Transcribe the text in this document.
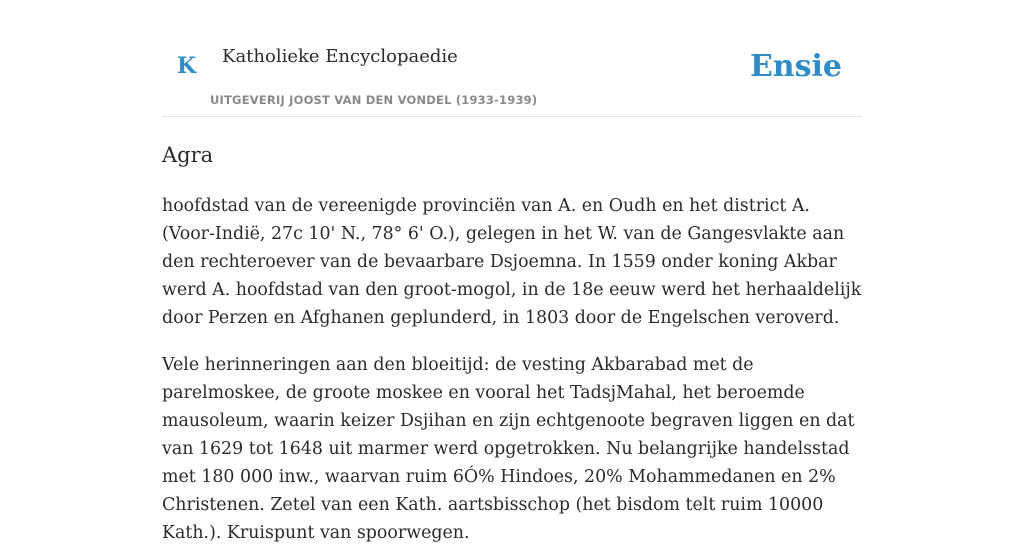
K Katholieke Encyclopaedie
UITGEVERIJ JOOST VAN DEN VONDEL (1933-1939)
Ensie
Agra

hoofdstad van de vereenigde provinciën van A. en Oudh en het district A.(Voor-Indië, 27c 10' N., 78° 6' O.), gelegen in het W. van de Gangesvlakte aan den rechteroever van de bevaarbare Dsjoemna. In 1559 onder koning Akbar werd A. hoofdstad van den groot-mogol, in de 18e eeuw werd het herhaaldelijk door Perzen en Afghanen geplunderd, in 1803 door de Engelschen veroverd.

Vele herinneringen aan den bloeitijd: de vesting Akbarabad met de parelmoskee, de groote moskee en vooral het TadsjMahal, het beroemde mausoleum, waarin keizer Dsjihan en zijn echtgenoote begraven liggen en dat van 1629 tot 1648 uit marmer werd opgetrokken. Nu belangrijke handelsstad met 180 000 inw., waarvan ruim 6Ó% Hindoes, 20% Mohammedanen en 2% Christenen. Zetel van een Kath. aartsbisschop (het bisdom telt ruim 10000 Kath.). Kruispunt van spoorwegen.
